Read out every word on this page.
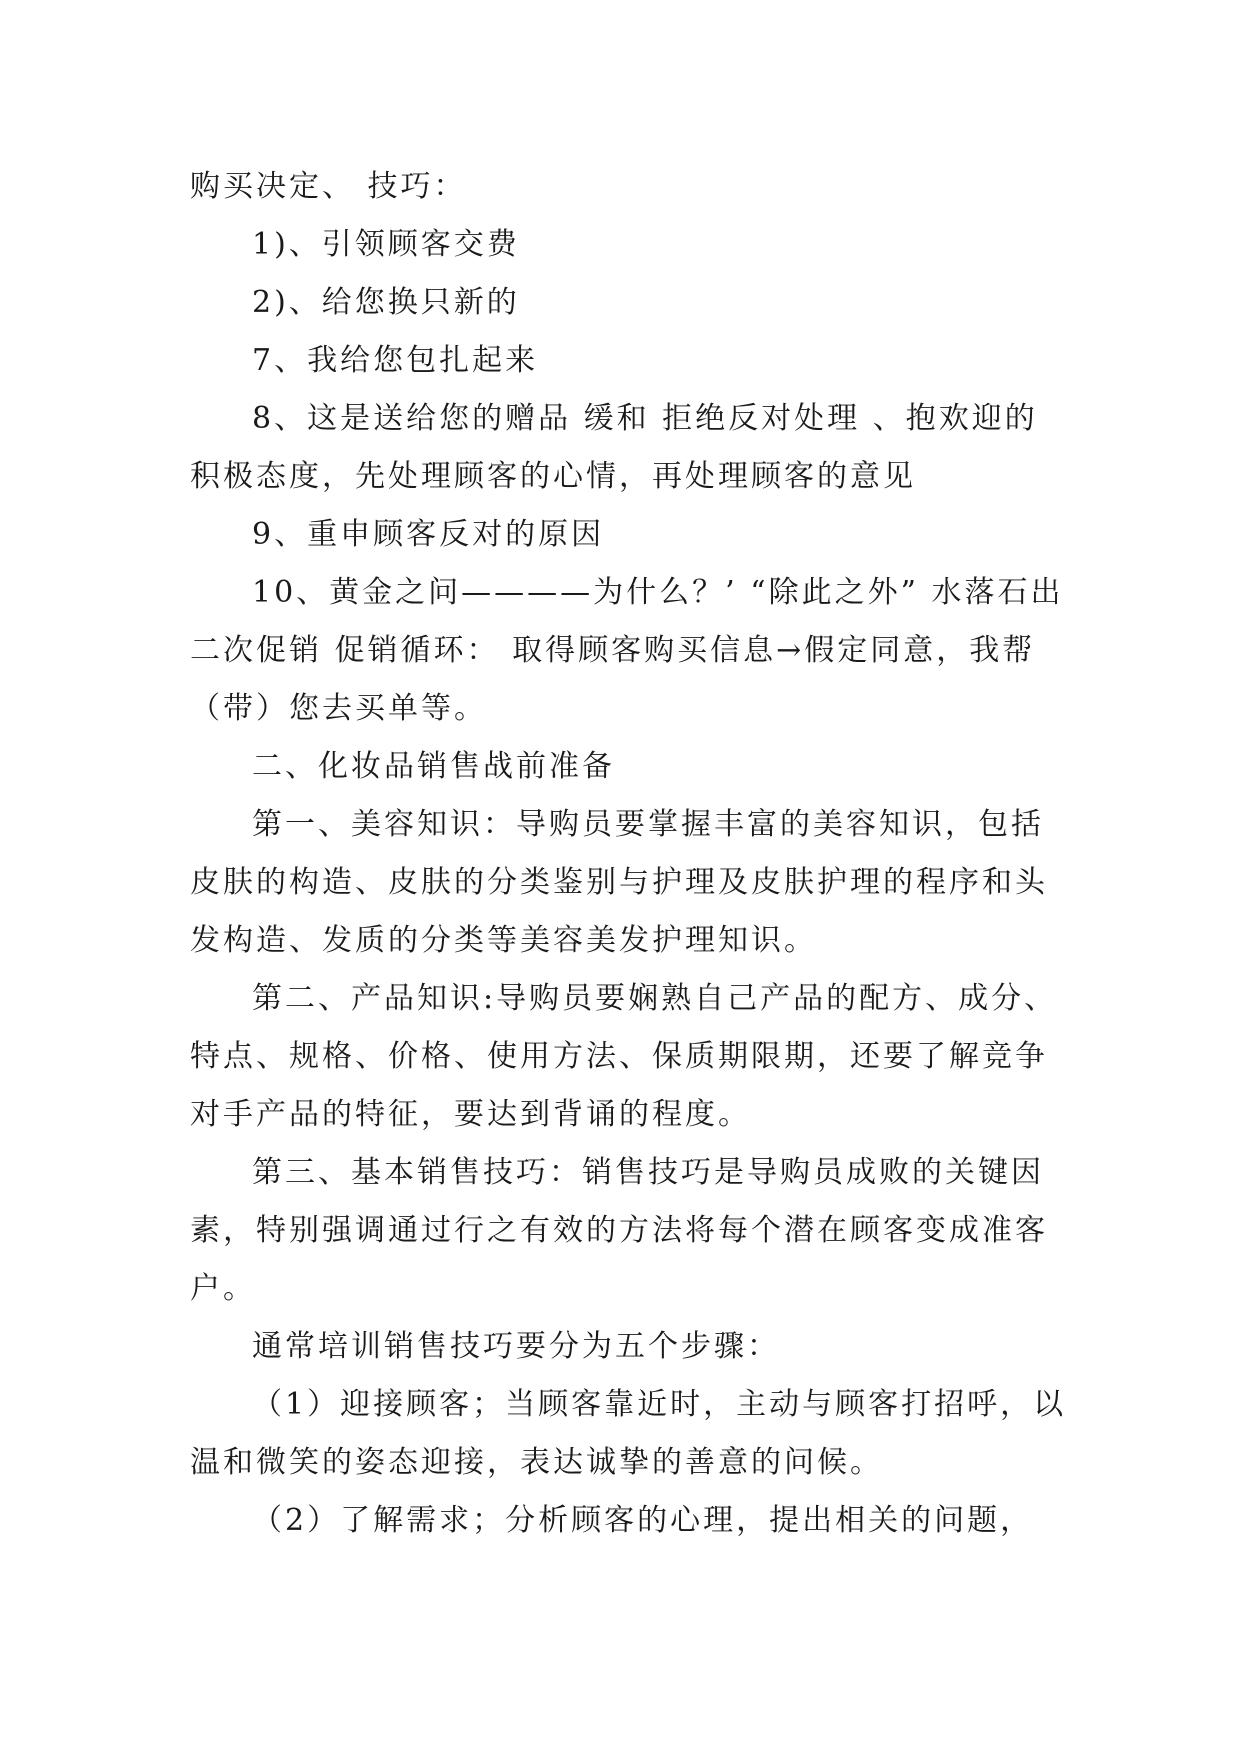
购买决定、 技巧：

1)、引领顾客交费

2)、给您换只新的

7、我给您包扎起来

8、这是送给您的赠品 缓和 拒绝反对处理 、抱欢迎的积极态度，先处理顾客的心情，再处理顾客的意见

9、重申顾客反对的原因

10、黄金之问————为什么？’ “除此之外” 水落石出 二次促销 促销循环： 取得顾客购买信息→假定同意，我帮（带）您去买单等。

二、化妆品销售战前准备

第一、美容知识：导购员要掌握丰富的美容知识，包括皮肤的构造、皮肤的分类鉴别与护理及皮肤护理的程序和头发构造、发质的分类等美容美发护理知识。

第二、产品知识:导购员要娴熟自己产品的配方、成分、特点、规格、价格、使用方法、保质期限期，还要了解竞争对手产品的特征，要达到背诵的程度。

第三、基本销售技巧：销售技巧是导购员成败的关键因素，特别强调通过行之有效的方法将每个潜在顾客变成准客户。

通常培训销售技巧要分为五个步骤：

（1）迎接顾客；当顾客靠近时，主动与顾客打招呼，以温和微笑的姿态迎接，表达诚挚的善意的问候。

（2）了解需求；分析顾客的心理，提出相关的问题，
